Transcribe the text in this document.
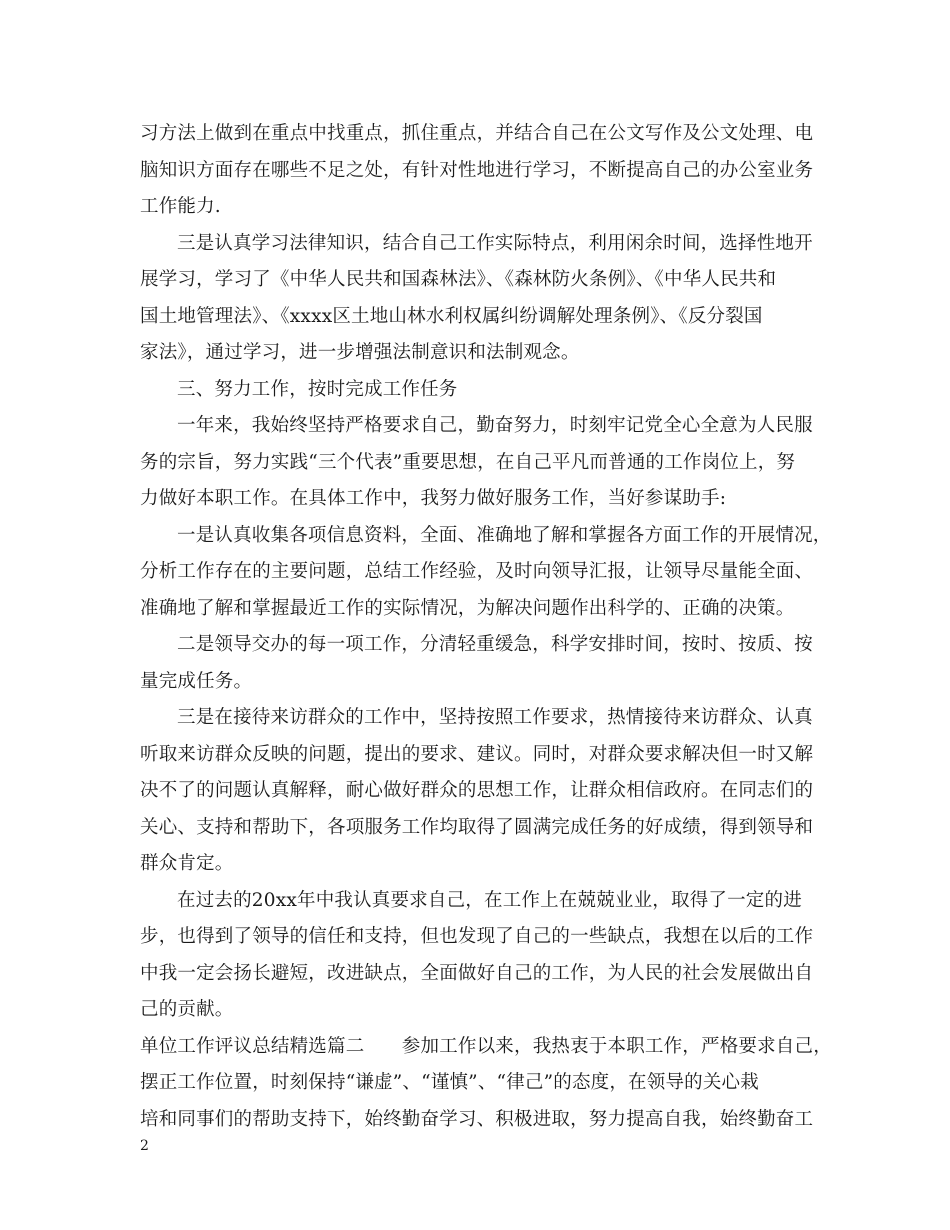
习方法上做到在重点中找重点，抓住重点，并结合自己在公文写作及公文处理、电
脑知识方面存在哪些不足之处，有针对性地进行学习，不断提高自己的办公室业务
工作能力.
三是认真学习法律知识，结合自己工作实际特点，利用闲余时间，选择性地开
展学习，学习了《中华人民共和国森林法》、《森林防火条例》、《中华人民共和
国土地管理法》、《xxxx区土地山林水利权属纠纷调解处理条例》、《反分裂国
家法》，通过学习，进一步增强法制意识和法制观念。
三、努力工作，按时完成工作任务
一年来，我始终坚持严格要求自己，勤奋努力，时刻牢记党全心全意为人民服
务的宗旨，努力实践“三个代表”重要思想，在自己平凡而普通的工作岗位上，努
力做好本职工作。在具体工作中，我努力做好服务工作，当好参谋助手:
一是认真收集各项信息资料，全面、准确地了解和掌握各方面工作的开展情况，
分析工作存在的主要问题，总结工作经验，及时向领导汇报，让领导尽量能全面、
准确地了解和掌握最近工作的实际情况，为解决问题作出科学的、正确的决策。
二是领导交办的每一项工作，分清轻重缓急，科学安排时间，按时、按质、按
量完成任务。
三是在接待来访群众的工作中，坚持按照工作要求，热情接待来访群众、认真
听取来访群众反映的问题，提出的要求、建议。同时，对群众要求解决但一时又解
决不了的问题认真解释，耐心做好群众的思想工作，让群众相信政府。在同志们的
关心、支持和帮助下，各项服务工作均取得了圆满完成任务的好成绩，得到领导和
群众肯定。
在过去的20xx年中我认真要求自己，在工作上在兢兢业业，取得了一定的进
步，也得到了领导的信任和支持，但也发现了自己的一些缺点，我想在以后的工作
中我一定会扬长避短，改进缺点，全面做好自己的工作，为人民的社会发展做出自
己的贡献。
单位工作评议总结精选篇二　　参加工作以来，我热衷于本职工作，严格要求自己，
摆正工作位置，时刻保持“谦虚”、“谨慎”、“律己”的态度，在领导的关心栽
培和同事们的帮助支持下，始终勤奋学习、积极进取，努力提高自我，始终勤奋工
2
